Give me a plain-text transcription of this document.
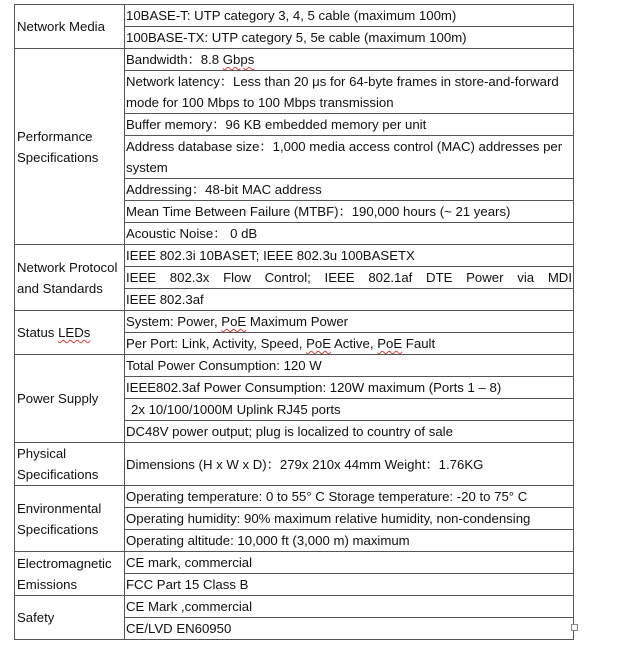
Network Media	10BASE-T: UTP category 3, 4, 5 cable (maximum 100m)
	100BASE-TX: UTP category 5, 5e cable (maximum 100m)
Performance Specifications	Bandwidth：8.8 Gbps
	Network latency：Less than 20 μs for 64-byte frames in store-and-forward mode for 100 Mbps to 100 Mbps transmission
	Buffer memory：96 KB embedded memory per unit
	Address database size：1,000 media access control (MAC) addresses per system
	Addressing：48-bit MAC address
	Mean Time Between Failure (MTBF)：190,000 hours (~ 21 years)
	Acoustic Noise： 0 dB
Network Protocol and Standards	IEEE 802.3i 10BASET; IEEE 802.3u 100BASETX
	IEEE 802.3x Flow Control; IEEE 802.1af DTE Power via MDI
	IEEE 802.3af
Status LEDs	System: Power, PoE Maximum Power
	Per Port: Link, Activity, Speed, PoE Active, PoE Fault
Power Supply	Total Power Consumption: 120 W
	IEEE802.3af Power Consumption: 120W maximum (Ports 1 – 8)
	2x 10/100/1000M Uplink RJ45 ports
	DC48V power output; plug is localized to country of sale
Physical Specifications	Dimensions (H x W x D)：279x 210x 44mm Weight：1.76KG
Environmental Specifications	Operating temperature: 0 to 55° C Storage temperature: -20 to 75° C
	Operating humidity: 90% maximum relative humidity, non-condensing
	Operating altitude: 10,000 ft (3,000 m) maximum
Electromagnetic Emissions	CE mark, commercial
	FCC Part 15 Class B
Safety	CE Mark ,commercial
	CE/LVD EN60950
